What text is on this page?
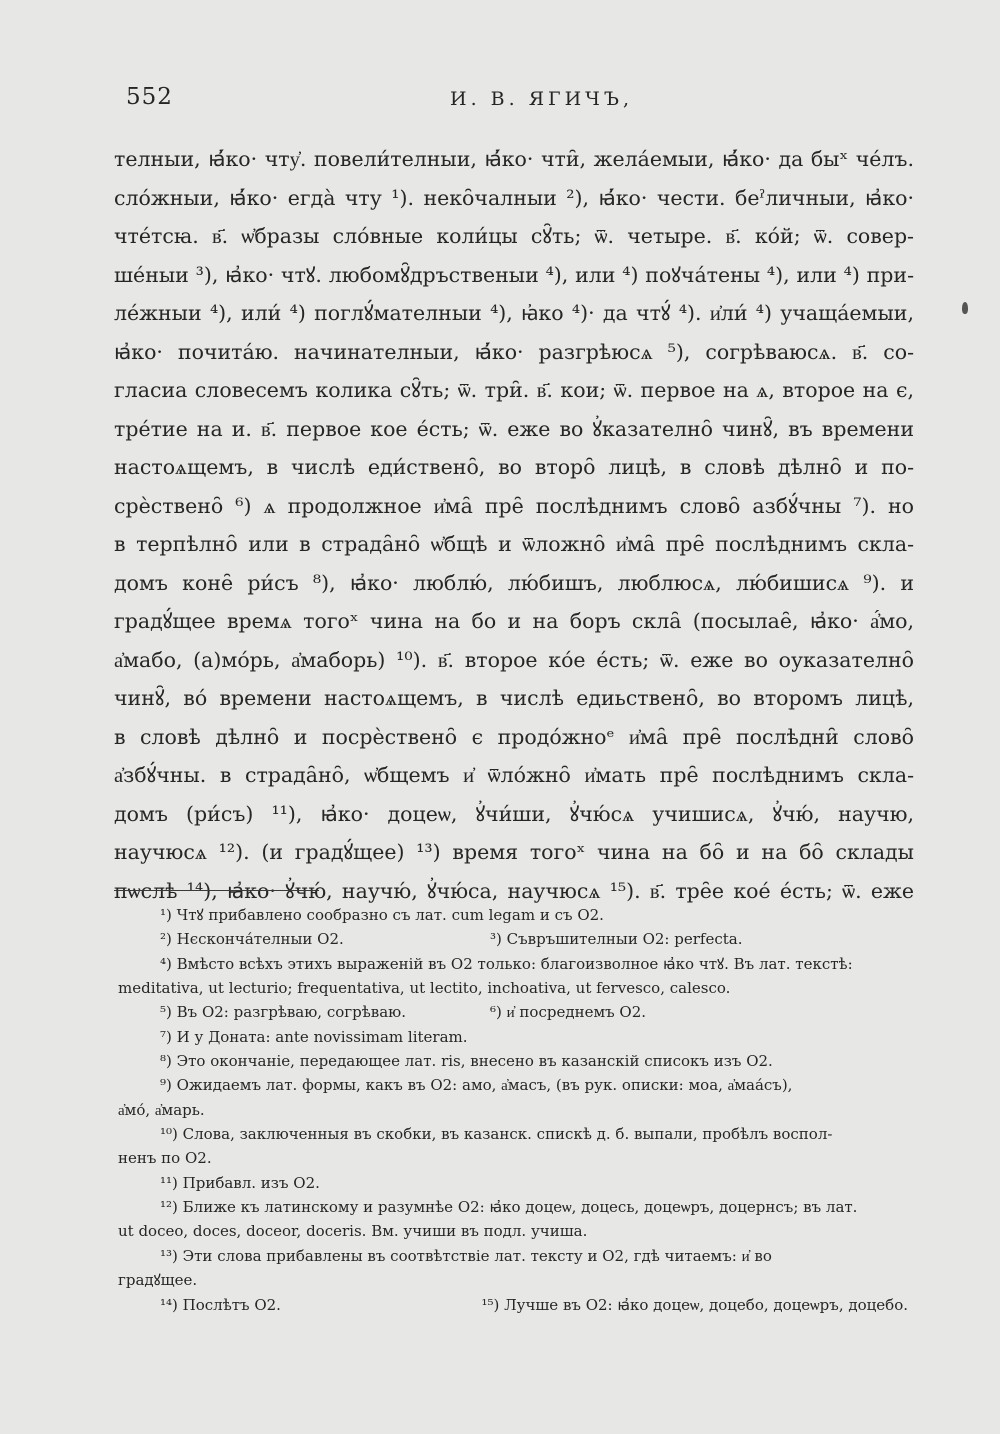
552	И. В. ЯГИЧЪ,
телныи, ꙗ҆́ко· чту҆. повели́телныи, ꙗ҆́ко· чти̑, жела́емыи, ꙗ҆́ко· да быˣ че́лъ.
сло́жныи, ꙗ҆́ко· егда̀ чту ¹). неко̑чалныи ²), ꙗ҆́ко· чести. беˀличныи, ꙗ҆ко·
чте́тсꙗ. в҃. ѡ҆бразы сло́вные коли́цы сꙋ̑ть; ѿ. четыре. в҃. ко́й; ѿ. совер-
ше́ныи ³), ꙗ҆ко· чтꙋ. любомꙋ̑дръственыи ⁴), или ⁴) поꙋча́тены ⁴), или ⁴) при-
ле́жныи ⁴), или́ ⁴) поглꙋ́мателныи ⁴), ꙗ҆ко ⁴)· да чтꙋ́ ⁴). и҆ли́ ⁴) учаща́емыи,
ꙗ҆ко· почита́ю. начинателныи, ꙗ҆́ко· разгрѣюсѧ ⁵), согрѣваюсѧ. в҃. со-
гласиа словесемъ колика сꙋ̑ть; ѿ. три̑. в҃. кои; ѿ. первое на ѧ, второе на є,
тре́тие на и. в҃. первое кое е́сть; ѿ. еже во ꙋ҆казателно̑ чинꙋ̑, въ времени
настоѧщемъ, в числѣ еди́ствено̑, во второ̑ лицѣ, в словѣ дѣлно̑ и по-
срѐствено̑ ⁶) ѧ продолжное и҆ма̑ пре̑ послѣднимъ слово̑ азбꙋ́чны ⁷). но
в терпѣлно̑ или в страда̑но̑ ѡ҆бщѣ и ѿложно̑ и҆ма̑ пре̑ послѣднимъ скла-
домъ коне̑ ри́съ ⁸), ꙗ҆ко· люблю́, лю́бишъ, люблюсѧ, лю́бишисѧ ⁹). и
градꙋ́щее времѧ тогоˣ чина на бо и на боръ скла̑ (посылае̑, ꙗ҆ко· а҆́мо,
а҆мабо, (а)мо́рь, а҆маборь) ¹⁰). в҃. второе ко́е е́сть; ѿ. еже во оуказателно̑
чинꙋ̑, во́ времени настоѧщемъ, в числѣ едиьствено̑, во второмъ лицѣ,
в словѣ дѣлно̑ и посрѐствено̑ є продо́жноᵉ и҆ма̑ пре̑ послѣдни̑ слово̑
а҆збꙋ́чны. в страда̑но̑, ѡ҆бщемъ и҆ ѿло́жно̑ и҆мать пре̑ послѣднимъ скла-
домъ (ри́съ) ¹¹), ꙗ҆ко· доцеѡ, ꙋ҆чи́ши, ꙋ҆чю́сѧ учишисѧ, ꙋ҆чю́, научю,
научюсѧ ¹²). (и градꙋ́щее) ¹³) время тогоˣ чина на бо̑ и на бо̑ склады
пѡслѣ ¹⁴), ꙗ҆ко· ꙋ҆чю́, научю́, ꙋ҆чю́са, научюсѧ ¹⁵). в҃. тре̑е кое́ е́сть; ѿ. еже
¹) Чтꙋ прибавлено сообразно съ лат. cum legam и съ О2.
²) Нєсконча́телныи О2.	³) Съвръшителныи О2: perfecta.
⁴) Вмѣсто всѣхъ этихъ выраженій въ О2 только: благоизволное ꙗ҆ко чтꙋ. Въ лат. текстѣ:
meditativa, ut lecturio; frequentativa, ut lectito, inchoativa, ut fervesco, calesco.
⁵) Въ О2: разгрѣваю, согрѣваю.	⁶) и҆ посреднемъ О2.
⁷) И у Доната: ante novissimam literam.
⁸) Это окончаніе, передающее лат. ris, внесено въ казанскій списокъ изъ О2.
⁹) Ожидаемъ лат. формы, какъ въ О2: амо, а҆масъ, (въ рук. описки: моа, а҆маа́съ),
а҆мо́, а҆марь.
¹⁰) Слова, заключенныя въ скобки, въ казанск. спискѣ д. б. выпали, пробѣлъ воспол-
ненъ по О2.
¹¹) Прибавл. изъ О2.
¹²) Ближе къ латинскому и разумнѣе О2: ꙗ҆ко доцеѡ, доцесь, доцеѡръ, доцернсъ; въ лат.
ut doceo, doces, doceor, doceris. Вм. учиши въ подл. учиша.
¹³) Эти слова прибавлены въ соотвѣтствіе лат. тексту и О2, гдѣ читаемъ: и҆ во
градꙋщее.
¹⁴) Послѣтъ О2.	¹⁵) Лучше въ О2: ꙗ҆ко доцеѡ, доцебо, доцеѡръ, доцебо.
